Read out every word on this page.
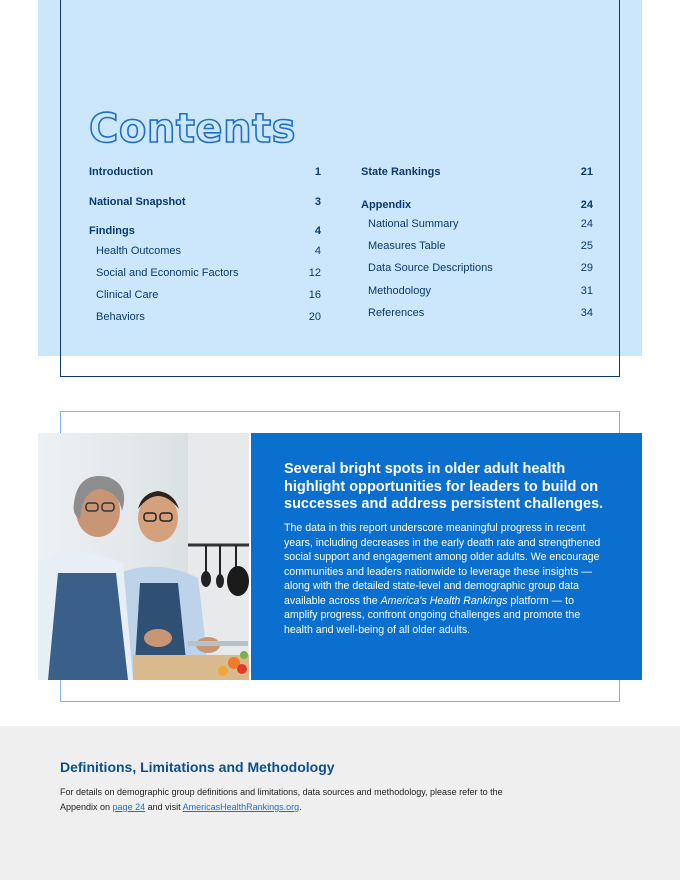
Contents
Introduction	1
National Snapshot	3
Findings	4
Health Outcomes	4
Social and Economic Factors	12
Clinical Care	16
Behaviors	20
State Rankings	21
Appendix	24
National Summary	24
Measures Table	25
Data Source Descriptions	29
Methodology	31
References	34
Several bright spots in older adult health highlight opportunities for leaders to build on successes and address persistent challenges.
The data in this report underscore meaningful progress in recent years, including decreases in the early death rate and strengthened social support and engagement among older adults. We encourage communities and leaders nationwide to leverage these insights — along with the detailed state-level and demographic group data available across the America's Health Rankings platform — to amplify progress, confront ongoing challenges and promote the health and well-being of all older adults.
Definitions, Limitations and Methodology
For details on demographic group definitions and limitations, data sources and methodology, please refer to the Appendix on page 24 and visit AmericasHealthRankings.org.
